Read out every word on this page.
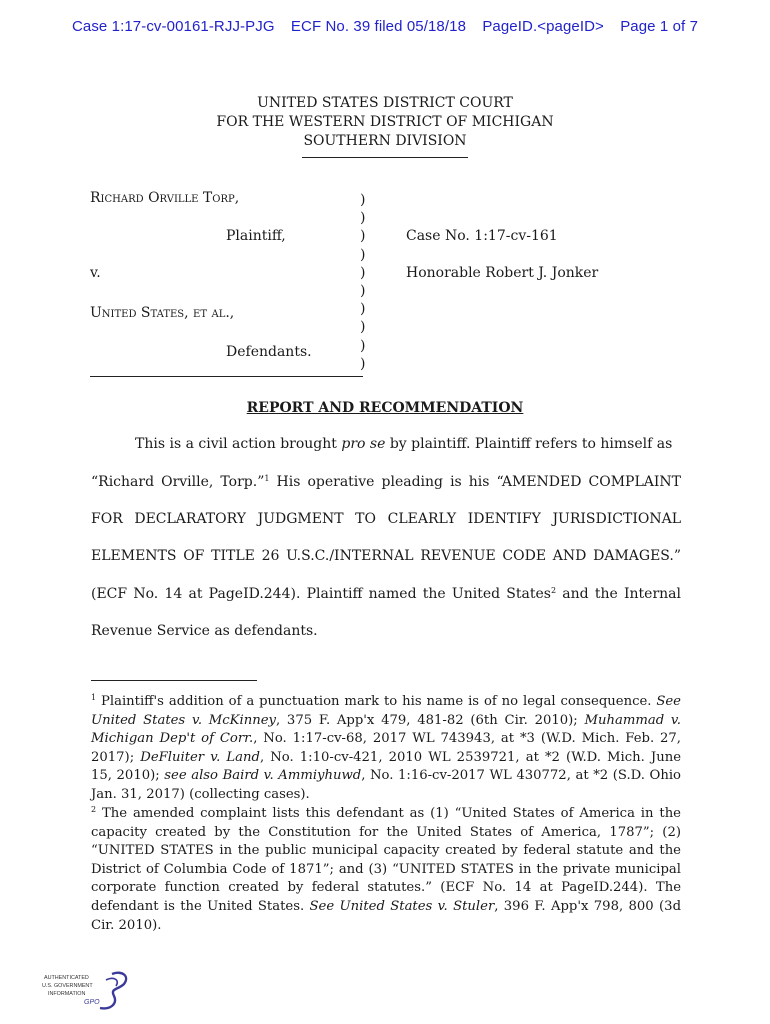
Case 1:17-cv-00161-RJJ-PJG ECF No. 39 filed 05/18/18 PageID.<pageID> Page 1 of 7
UNITED STATES DISTRICT COURT
FOR THE WESTERN DISTRICT OF MICHIGAN
SOUTHERN DIVISION
Richard Orville Torp,
Plaintiff,
v.
United States, et al.,
Defendants.
)
)
)
)
)
)
)
)
)
)
Case No. 1:17-cv-161
Honorable Robert J. Jonker
REPORT AND RECOMMENDATION
This is a civil action brought pro se by plaintiff. Plaintiff refers to himself as
“Richard Orville, Torp.”$^1$ His operative pleading is his “AMENDED COMPLAINT
FOR DECLARATORY JUDGMENT TO CLEARLY IDENTIFY JURISDICTIONAL
ELEMENTS OF TITLE 26 U.S.C./INTERNAL REVENUE CODE AND DAMAGES.”
(ECF No. 14 at PageID.244). Plaintiff named the United States$^2$ and the Internal
Revenue Service as defendants.
$^1$ Plaintiff's addition of a punctuation mark to his name is of no legal consequence. See United States v. McKinney, 375 F. App'x 479, 481-82 (6th Cir. 2010); Muhammad v. Michigan Dep't of Corr., No. 1:17-cv-68, 2017 WL 743943, at *3 (W.D. Mich. Feb. 27, 2017); DeFluiter v. Land, No. 1:10-cv-421, 2010 WL 2539721, at *2 (W.D. Mich. June 15, 2010); see also Baird v. Ammiyhuwd, No. 1:16-cv-2017 WL 430772, at *2 (S.D. Ohio Jan. 31, 2017) (collecting cases).
$^2$ The amended complaint lists this defendant as (1) “United States of America in the capacity created by the Constitution for the United States of America, 1787”; (2) “UNITED STATES in the public municipal capacity created by federal statute and the District of Columbia Code of 1871”; and (3) “UNITED STATES in the private municipal corporate function created by federal statutes.” (ECF No. 14 at PageID.244). The defendant is the United States. See United States v. Stuler, 396 F. App'x 798, 800 (3d Cir. 2010).
AUTHENTICATED
U.S. GOVERNMENT
INFORMATION
GPO
